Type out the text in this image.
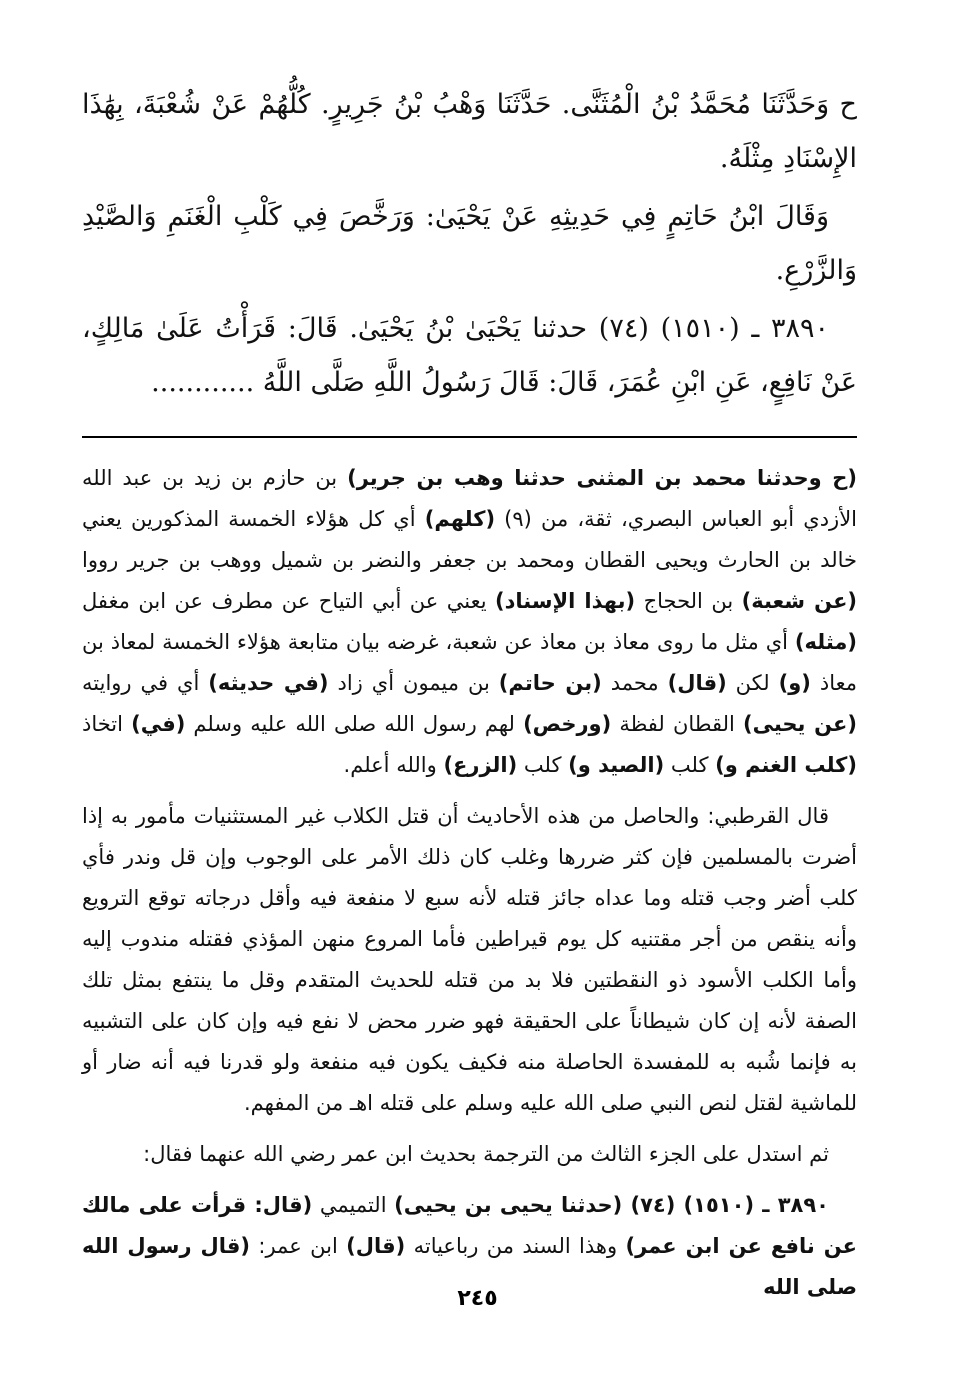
ح وَحَدَّثَنَا مُحَمَّدُ بْنُ الْمُثَنَّى. حَدَّثَنَا وَهْبُ بْنُ جَرِيرٍ. كُلُّهُمْ عَنْ شُعْبَةَ، بِهَٰذَا الإِسْنَادِ مِثْلَهُ.

وَقَالَ ابْنُ حَاتِمٍ فِي حَدِيثِهِ عَنْ يَحْيَىٰ: وَرَخَّصَ فِي كَلْبِ الْغَنَمِ وَالصَّيْدِ وَالزَّرْعِ.

٣٨٩٠ ـ (١٥١٠) (٧٤) حدثنا يَحْيَىٰ بْنُ يَحْيَىٰ. قَالَ: قَرَأْتُ عَلَىٰ مَالِكٍ، عَنْ نَافِعٍ، عَنِ ابْنِ عُمَرَ، قَالَ: قَالَ رَسُولُ اللَّهِ صَلَّى اللَّهُ ............

(ح وحدثنا محمد بن المثنى حدثنا وهب بن جرير) بن حازم بن زيد بن عبد الله الأزدي أبو العباس البصري، ثقة، من (٩) (كلهم) أي كل هؤلاء الخمسة المذكورين يعني خالد بن الحارث ويحيى القطان ومحمد بن جعفر والنضر بن شميل ووهب بن جرير رووا (عن شعبة) بن الحجاج (بهذا الإسناد) يعني عن أبي التياح عن مطرف عن ابن مغفل (مثله) أي مثل ما روى معاذ بن معاذ عن شعبة، غرضه بيان متابعة هؤلاء الخمسة لمعاذ بن معاذ (و) لكن (قال) محمد (بن حاتم) بن ميمون أي زاد (في حديثه) أي في روايته (عن يحيى) القطان لفظة (ورخص) لهم رسول الله صلى الله عليه وسلم (في) اتخاذ (كلب الغنم و) كلب (الصيد و) كلب (الزرع) والله أعلم.

قال القرطبي: والحاصل من هذه الأحاديث أن قتل الكلاب غير المستثنيات مأمور به إذا أضرت بالمسلمين فإن كثر ضررها وغلب كان ذلك الأمر على الوجوب وإن قل وندر فأي كلب أضر وجب قتله وما عداه جائز قتله لأنه سبع لا منفعة فيه وأقل درجاته توقع الترويع وأنه ينقص من أجر مقتنيه كل يوم قيراطين فأما المروع منهن المؤذي فقتله مندوب إليه وأما الكلب الأسود ذو النقطتين فلا بد من قتله للحديث المتقدم وقل ما ينتفع بمثل تلك الصفة لأنه إن كان شيطاناً على الحقيقة فهو ضرر محض لا نفع فيه وإن كان على التشبيه به فإنما شُبه به للمفسدة الحاصلة منه فكيف يكون فيه منفعة ولو قدرنا فيه أنه ضار أو للماشية لقتل لنص النبي صلى الله عليه وسلم على قتله اهـ من المفهم.

ثم استدل على الجزء الثالث من الترجمة بحديث ابن عمر رضي الله عنهما فقال:

٣٨٩٠ ـ (١٥١٠) (٧٤) (حدثنا يحيى بن يحيى) التميمي (قال: قرأت على مالك عن نافع عن ابن عمر) وهذا السند من رباعياته (قال) ابن عمر: (قال رسول الله صلى الله

٢٤٥
